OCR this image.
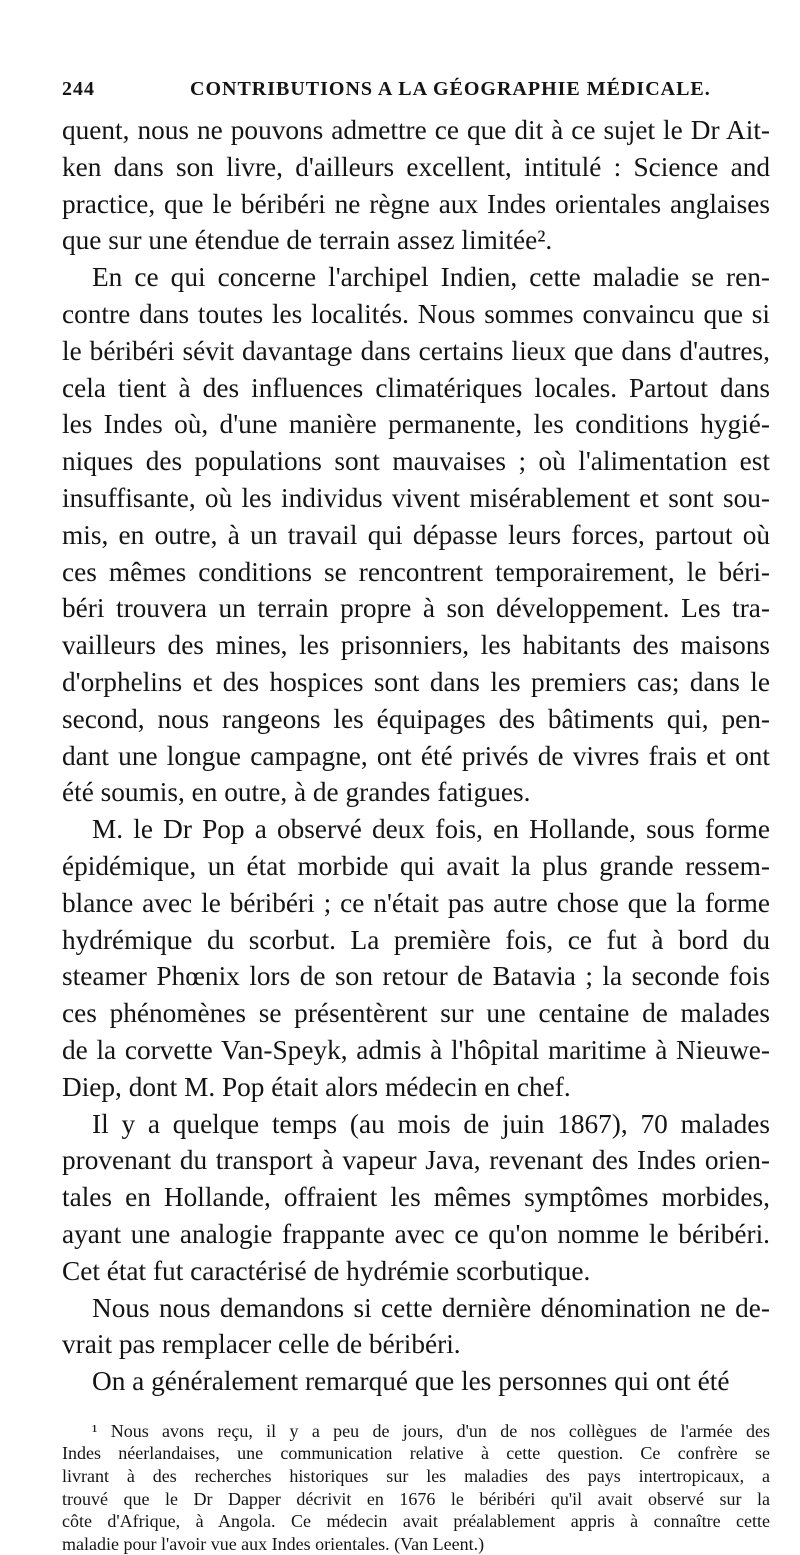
244	CONTRIBUTIONS A LA GÉOGRAPHIE MÉDICALE.

quent, nous ne pouvons admettre ce que dit à ce sujet le Dr Ait-
ken dans son livre, d'ailleurs excellent, intitulé : Science and
practice, que le béribéri ne règne aux Indes orientales anglaises
que sur une étendue de terrain assez limitée².

En ce qui concerne l'archipel Indien, cette maladie se ren-
contre dans toutes les localités. Nous sommes convaincu que si
le béribéri sévit davantage dans certains lieux que dans d'autres,
cela tient à des influences climatériques locales. Partout dans
les Indes où, d'une manière permanente, les conditions hygié-
niques des populations sont mauvaises ; où l'alimentation est
insuffisante, où les individus vivent misérablement et sont sou-
mis, en outre, à un travail qui dépasse leurs forces, partout où
ces mêmes conditions se rencontrent temporairement, le béri-
béri trouvera un terrain propre à son développement. Les tra-
vailleurs des mines, les prisonniers, les habitants des maisons
d'orphelins et des hospices sont dans les premiers cas; dans le
second, nous rangeons les équipages des bâtiments qui, pen-
dant une longue campagne, ont été privés de vivres frais et ont
été soumis, en outre, à de grandes fatigues.

M. le Dr Pop a observé deux fois, en Hollande, sous forme
épidémique, un état morbide qui avait la plus grande ressem-
blance avec le béribéri ; ce n'était pas autre chose que la forme
hydrémique du scorbut. La première fois, ce fut à bord du
steamer Phœnix lors de son retour de Batavia ; la seconde fois
ces phénomènes se présentèrent sur une centaine de malades
de la corvette Van-Speyk, admis à l'hôpital maritime à Nieuwe-
Diep, dont M. Pop était alors médecin en chef.

Il y a quelque temps (au mois de juin 1867), 70 malades
provenant du transport à vapeur Java, revenant des Indes orien-
tales en Hollande, offraient les mêmes symptômes morbides,
ayant une analogie frappante avec ce qu'on nomme le béribéri.
Cet état fut caractérisé de hydrémie scorbutique.

Nous nous demandons si cette dernière dénomination ne de-
vrait pas remplacer celle de béribéri.

On a généralement remarqué que les personnes qui ont été

¹ Nous avons reçu, il y a peu de jours, d'un de nos collègues de l'armée des
Indes néerlandaises, une communication relative à cette question. Ce confrère se
livrant à des recherches historiques sur les maladies des pays intertropicaux, a
trouvé que le Dr Dapper décrivit en 1676 le béribéri qu'il avait observé sur la
côte d'Afrique, à Angola. Ce médecin avait préalablement appris à connaître cette
maladie pour l'avoir vue aux Indes orientales. (Van Leent.)
